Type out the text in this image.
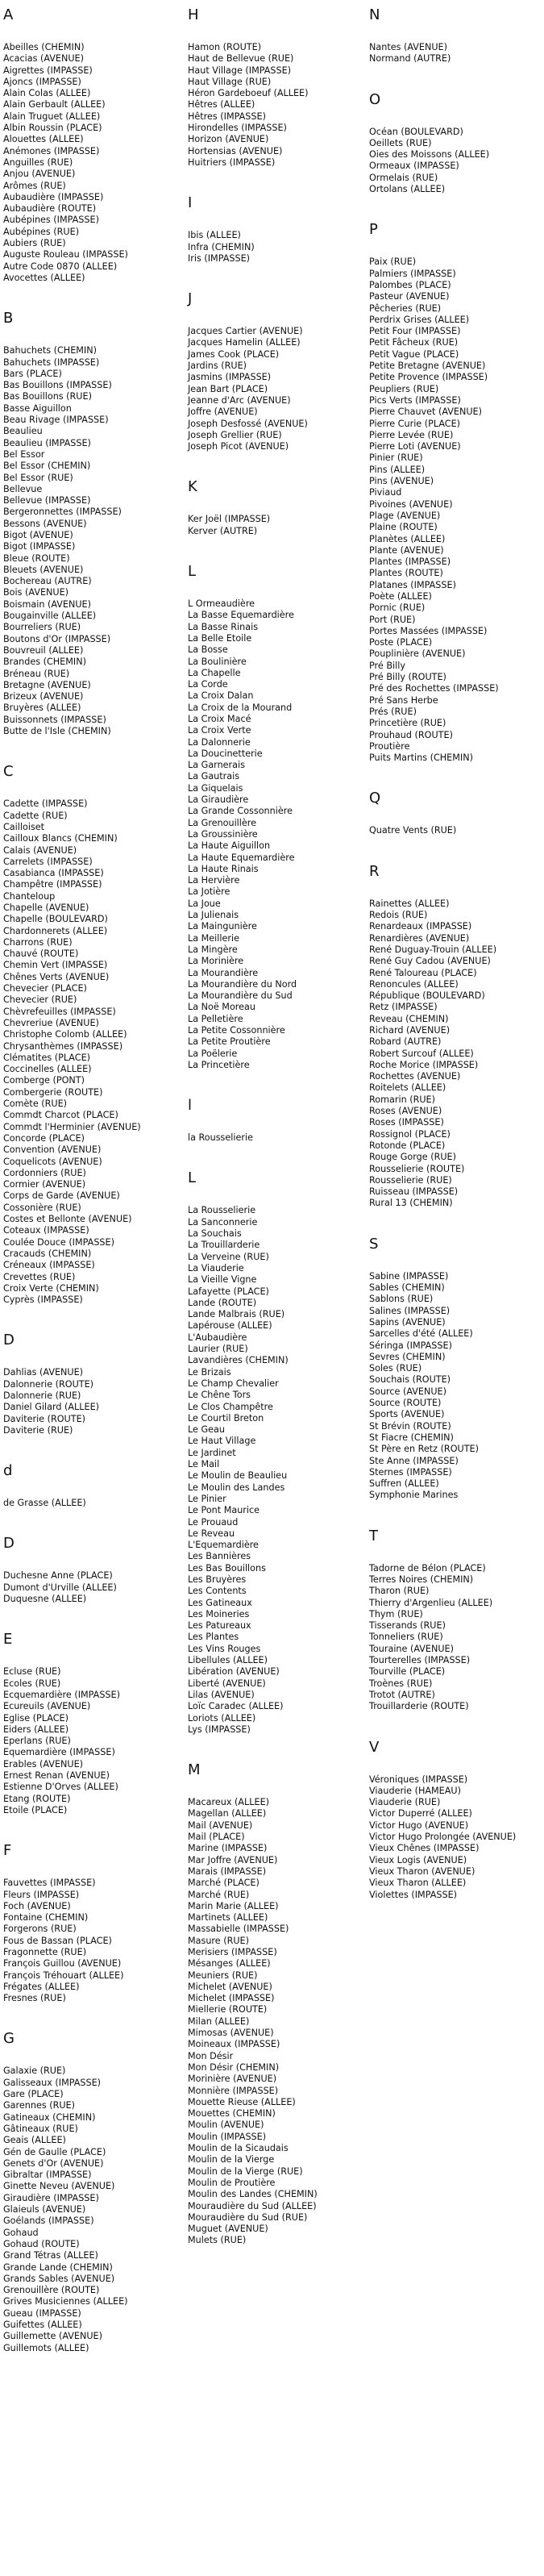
A
Abeilles (CHEMIN)
Acacias (AVENUE)
Aigrettes (IMPASSE)
Ajoncs (IMPASSE)
Alain Colas (ALLEE)
Alain Gerbault (ALLEE)
Alain Truguet (ALLEE)
Albin Roussin (PLACE)
Alouettes (ALLEE)
Anémones (IMPASSE)
Anguilles (RUE)
Anjou (AVENUE)
Arômes (RUE)
Aubaudière (IMPASSE)
Aubaudière (ROUTE)
Aubépines (IMPASSE)
Aubépines (RUE)
Aubiers (RUE)
Auguste Rouleau (IMPASSE)
Autre Code 0870 (ALLEE)
Avocettes (ALLEE)
B
Bahuchets (CHEMIN)
Bahuchets (IMPASSE)
Bars (PLACE)
Bas Bouillons (IMPASSE)
Bas Bouillons (RUE)
Basse Aiguillon
Beau Rivage (IMPASSE)
Beaulieu
Beaulieu (IMPASSE)
Bel Essor
Bel Essor (CHEMIN)
Bel Essor (RUE)
Bellevue
Bellevue (IMPASSE)
Bergeronnettes (IMPASSE)
Bessons (AVENUE)
Bigot (AVENUE)
Bigot (IMPASSE)
Bleue (ROUTE)
Bleuets (AVENUE)
Bochereau (AUTRE)
Bois (AVENUE)
Boismain (AVENUE)
Bougainville (ALLEE)
Bourreliers (RUE)
Boutons d'Or (IMPASSE)
Bouvreuil (ALLEE)
Brandes (CHEMIN)
Bréneau (RUE)
Bretagne (AVENUE)
Brizeux (AVENUE)
Bruyères (ALLEE)
Buissonnets (IMPASSE)
Butte de l'Isle (CHEMIN)
C
Cadette (IMPASSE)
Cadette (RUE)
Cailloiset
Cailloux Blancs (CHEMIN)
Calais (AVENUE)
Carrelets (IMPASSE)
Casabianca (IMPASSE)
Champêtre (IMPASSE)
Chanteloup
Chapelle (AVENUE)
Chapelle (BOULEVARD)
Chardonnerets (ALLEE)
Charrons (RUE)
Chauvé (ROUTE)
Chemin Vert (IMPASSE)
Chênes Verts (AVENUE)
Chevecier (PLACE)
Chevecier (RUE)
Chèvrefeuilles (IMPASSE)
Chevreriue (AVENUE)
Christophe Colomb (ALLEE)
Chrysanthèmes (IMPASSE)
Clématites (PLACE)
Coccinelles (ALLEE)
Comberge (PONT)
Combergerie (ROUTE)
Comète (RUE)
Commdt Charcot (PLACE)
Commdt l'Herminier (AVENUE)
Concorde (PLACE)
Convention (AVENUE)
Coquelicots (AVENUE)
Cordonniers (RUE)
Cormier (AVENUE)
Corps de Garde (AVENUE)
Cossonière (RUE)
Costes et Bellonte (AVENUE)
Coteaux (IMPASSE)
Coulée Douce (IMPASSE)
Cracauds (CHEMIN)
Créneaux (IMPASSE)
Crevettes (RUE)
Croix Verte (CHEMIN)
Cyprès (IMPASSE)
D
Dahlias (AVENUE)
Dalonnerie (ROUTE)
Dalonnerie (RUE)
Daniel Gilard (ALLEE)
Daviterie (ROUTE)
Daviterie (RUE)
d
de Grasse (ALLEE)
D
Duchesne Anne (PLACE)
Dumont d'Urville (ALLEE)
Duquesne (ALLEE)
E
Ecluse (RUE)
Ecoles (RUE)
Ecquemardière (IMPASSE)
Ecureuils (AVENUE)
Eglise (PLACE)
Eiders (ALLEE)
Eperlans (RUE)
Equemardière (IMPASSE)
Erables (AVENUE)
Ernest Renan (AVENUE)
Estienne D'Orves (ALLEE)
Etang (ROUTE)
Etoile (PLACE)
F
Fauvettes (IMPASSE)
Fleurs (IMPASSE)
Foch (AVENUE)
Fontaine (CHEMIN)
Forgerons (RUE)
Fous de Bassan (PLACE)
Fragonnette (RUE)
François Guillou (AVENUE)
François Tréhouart (ALLEE)
Frégates (ALLEE)
Fresnes (RUE)
G
Galaxie (RUE)
Galisseaux (IMPASSE)
Gare (PLACE)
Garennes (RUE)
Gatineaux (CHEMIN)
Gâtineaux (RUE)
Geais (ALLEE)
Gén de Gaulle (PLACE)
Genets d'Or (AVENUE)
Gibraltar (IMPASSE)
Ginette Neveu (AVENUE)
Giraudière (IMPASSE)
Glaieuls (AVENUE)
Goélands (IMPASSE)
Gohaud
Gohaud (ROUTE)
Grand Tétras (ALLEE)
Grande Lande (CHEMIN)
Grands Sables (AVENUE)
Grenouillère (ROUTE)
Grives Musiciennes (ALLEE)
Gueau (IMPASSE)
Guifettes (ALLEE)
Guillemette (AVENUE)
Guillemots (ALLEE)
H
Hamon (ROUTE)
Haut de Bellevue (RUE)
Haut Village (IMPASSE)
Haut Village (RUE)
Héron Gardeboeuf (ALLEE)
Hêtres (ALLEE)
Hêtres (IMPASSE)
Hirondelles (IMPASSE)
Horizon (AVENUE)
Hortensias (AVENUE)
Huitriers (IMPASSE)
I
Ibis (ALLEE)
Infra (CHEMIN)
Iris (IMPASSE)
J
Jacques Cartier (AVENUE)
Jacques Hamelin (ALLEE)
James Cook (PLACE)
Jardins (RUE)
Jasmins (IMPASSE)
Jean Bart (PLACE)
Jeanne d'Arc (AVENUE)
Joffre (AVENUE)
Joseph Desfossé (AVENUE)
Joseph Grellier (RUE)
Joseph Picot (AVENUE)
K
Ker Joël (IMPASSE)
Kerver (AUTRE)
L
L Ormeaudière
La Basse Equemardière
La Basse Rinais
La Belle Etoile
La Bosse
La Boulinière
La Chapelle
La Corde
La Croix Dalan
La Croix de la Mourand
La Croix Macé
La Croix Verte
La Dalonnerie
La Doucinetterie
La Garnerais
La Gautrais
La Giquelais
La Giraudière
La Grande Cossonnière
La Grenouillère
La Groussinière
La Haute Aiguillon
La Haute Equemardière
La Haute Rinais
La Hervière
La Jotière
La Joue
La Julienais
La Maingunière
La Meillerie
La Mingère
La Morinière
La Mourandière
La Mourandière du Nord
La Mourandière du Sud
La Noë Moreau
La Pelletière
La Petite Cossonnière
La Petite Proutière
La Poëlerie
La Princetière
l
la Rousselierie
L
La Rousselierie
La Sanconnerie
La Souchais
La Trouillarderie
La Verveine (RUE)
La Viauderie
La Vieille Vigne
Lafayette (PLACE)
Lande (ROUTE)
Lande Malbrais (RUE)
Lapérouse (ALLEE)
L'Aubaudière
Laurier (RUE)
Lavandières (CHEMIN)
Le Brizais
Le Champ Chevalier
Le Chêne Tors
Le Clos Champêtre
Le Courtil Breton
Le Geau
Le Haut Village
Le Jardinet
Le Mail
Le Moulin de Beaulieu
Le Moulin des Landes
Le Pinier
Le Pont Maurice
Le Prouaud
Le Reveau
L'Equemardière
Les Bannières
Les Bas Bouillons
Les Bruyères
Les Contents
Les Gatineaux
Les Moineries
Les Patureaux
Les Plantes
Les Vins Rouges
Libellules (ALLEE)
Libération (AVENUE)
Liberté (AVENUE)
Lilas (AVENUE)
Loïc Caradec (ALLEE)
Loriots (ALLEE)
Lys (IMPASSE)
M
Macareux (ALLEE)
Magellan (ALLEE)
Mail (AVENUE)
Mail (PLACE)
Marine (IMPASSE)
Mar Joffre (AVENUE)
Marais (IMPASSE)
Marché (PLACE)
Marché (RUE)
Marin Marie (ALLEE)
Martinets (ALLEE)
Massabielle (IMPASSE)
Masure (RUE)
Merisiers (IMPASSE)
Mésanges (ALLEE)
Meuniers (RUE)
Michelet (AVENUE)
Michelet (IMPASSE)
Miellerie (ROUTE)
Milan (ALLEE)
Mimosas (AVENUE)
Moineaux (IMPASSE)
Mon Désir
Mon Désir (CHEMIN)
Morinière (AVENUE)
Monnière (IMPASSE)
Mouette Rieuse (ALLEE)
Mouettes (CHEMIN)
Moulin (AVENUE)
Moulin (IMPASSE)
Moulin de la Sicaudais
Moulin de la Vierge
Moulin de la Vierge (RUE)
Moulin de Proutière
Moulin des Landes (CHEMIN)
Mouraudière du Sud (ALLEE)
Mouraudière du Sud (RUE)
Muguet (AVENUE)
Mulets (RUE)
N
Nantes (AVENUE)
Normand (AUTRE)
O
Océan (BOULEVARD)
Oeillets (RUE)
Oies des Moissons (ALLEE)
Ormeaux (IMPASSE)
Ormelais (RUE)
Ortolans (ALLEE)
P
Paix (RUE)
Palmiers (IMPASSE)
Palombes (PLACE)
Pasteur (AVENUE)
Pêcheries (RUE)
Perdrix Grises (ALLEE)
Petit Four (IMPASSE)
Petit Fâcheux (RUE)
Petit Vague (PLACE)
Petite Bretagne (AVENUE)
Petite Provence (IMPASSE)
Peupliers (RUE)
Pics Verts (IMPASSE)
Pierre Chauvet (AVENUE)
Pierre Curie (PLACE)
Pierre Levée (RUE)
Pierre Loti (AVENUE)
Pinier (RUE)
Pins (ALLEE)
Pins (AVENUE)
Piviaud
Pivoines (AVENUE)
Plage (AVENUE)
Plaine (ROUTE)
Planètes (ALLEE)
Plante (AVENUE)
Plantes (IMPASSE)
Plantes (ROUTE)
Platanes (IMPASSE)
Poète (ALLEE)
Pornic (RUE)
Port (RUE)
Portes Massées (IMPASSE)
Poste (PLACE)
Pouplinière (AVENUE)
Pré Billy
Pré Billy (ROUTE)
Pré des Rochettes (IMPASSE)
Pré Sans Herbe
Prés (RUE)
Princetière (RUE)
Prouhaud (ROUTE)
Proutière
Puits Martins (CHEMIN)
Q
Quatre Vents (RUE)
R
Rainettes (ALLEE)
Redois (RUE)
Renardeaux (IMPASSE)
Renardières (AVENUE)
René Duguay-Trouin (ALLEE)
René Guy Cadou (AVENUE)
René Taloureau (PLACE)
Renoncules (ALLEE)
République (BOULEVARD)
Retz (IMPASSE)
Reveau (CHEMIN)
Richard (AVENUE)
Robard (AUTRE)
Robert Surcouf (ALLEE)
Roche Morice (IMPASSE)
Rochettes (AVENUE)
Roitelets (ALLEE)
Romarin (RUE)
Roses (AVENUE)
Roses (IMPASSE)
Rossignol (PLACE)
Rotonde (PLACE)
Rouge Gorge (RUE)
Rousselierie (ROUTE)
Rousselierie (RUE)
Ruisseau (IMPASSE)
Rural 13 (CHEMIN)
S
Sabine (IMPASSE)
Sables (CHEMIN)
Sablons (RUE)
Salines (IMPASSE)
Sapins (AVENUE)
Sarcelles d'été (ALLEE)
Séringa (IMPASSE)
Sevres (CHEMIN)
Soles (RUE)
Souchais (ROUTE)
Source (AVENUE)
Source (ROUTE)
Sports (AVENUE)
St Brévin (ROUTE)
St Fiacre (CHEMIN)
St Père en Retz (ROUTE)
Ste Anne (IMPASSE)
Sternes (IMPASSE)
Suffren (ALLEE)
Symphonie Marines
T
Tadorne de Bélon (PLACE)
Terres Noires (CHEMIN)
Tharon (RUE)
Thierry d'Argenlieu (ALLEE)
Thym (RUE)
Tisserands (RUE)
Tonneliers (RUE)
Touraine (AVENUE)
Tourterelles (IMPASSE)
Tourville (PLACE)
Troènes (RUE)
Trotot (AUTRE)
Trouillarderie (ROUTE)
V
Véroniques (IMPASSE)
Viauderie (HAMEAU)
Viauderie (RUE)
Victor Duperré (ALLEE)
Victor Hugo (AVENUE)
Victor Hugo Prolongée (AVENUE)
Vieux Chênes (IMPASSE)
Vieux Logis (AVENUE)
Vieux Tharon (AVENUE)
Vieux Tharon (ALLEE)
Violettes (IMPASSE)
